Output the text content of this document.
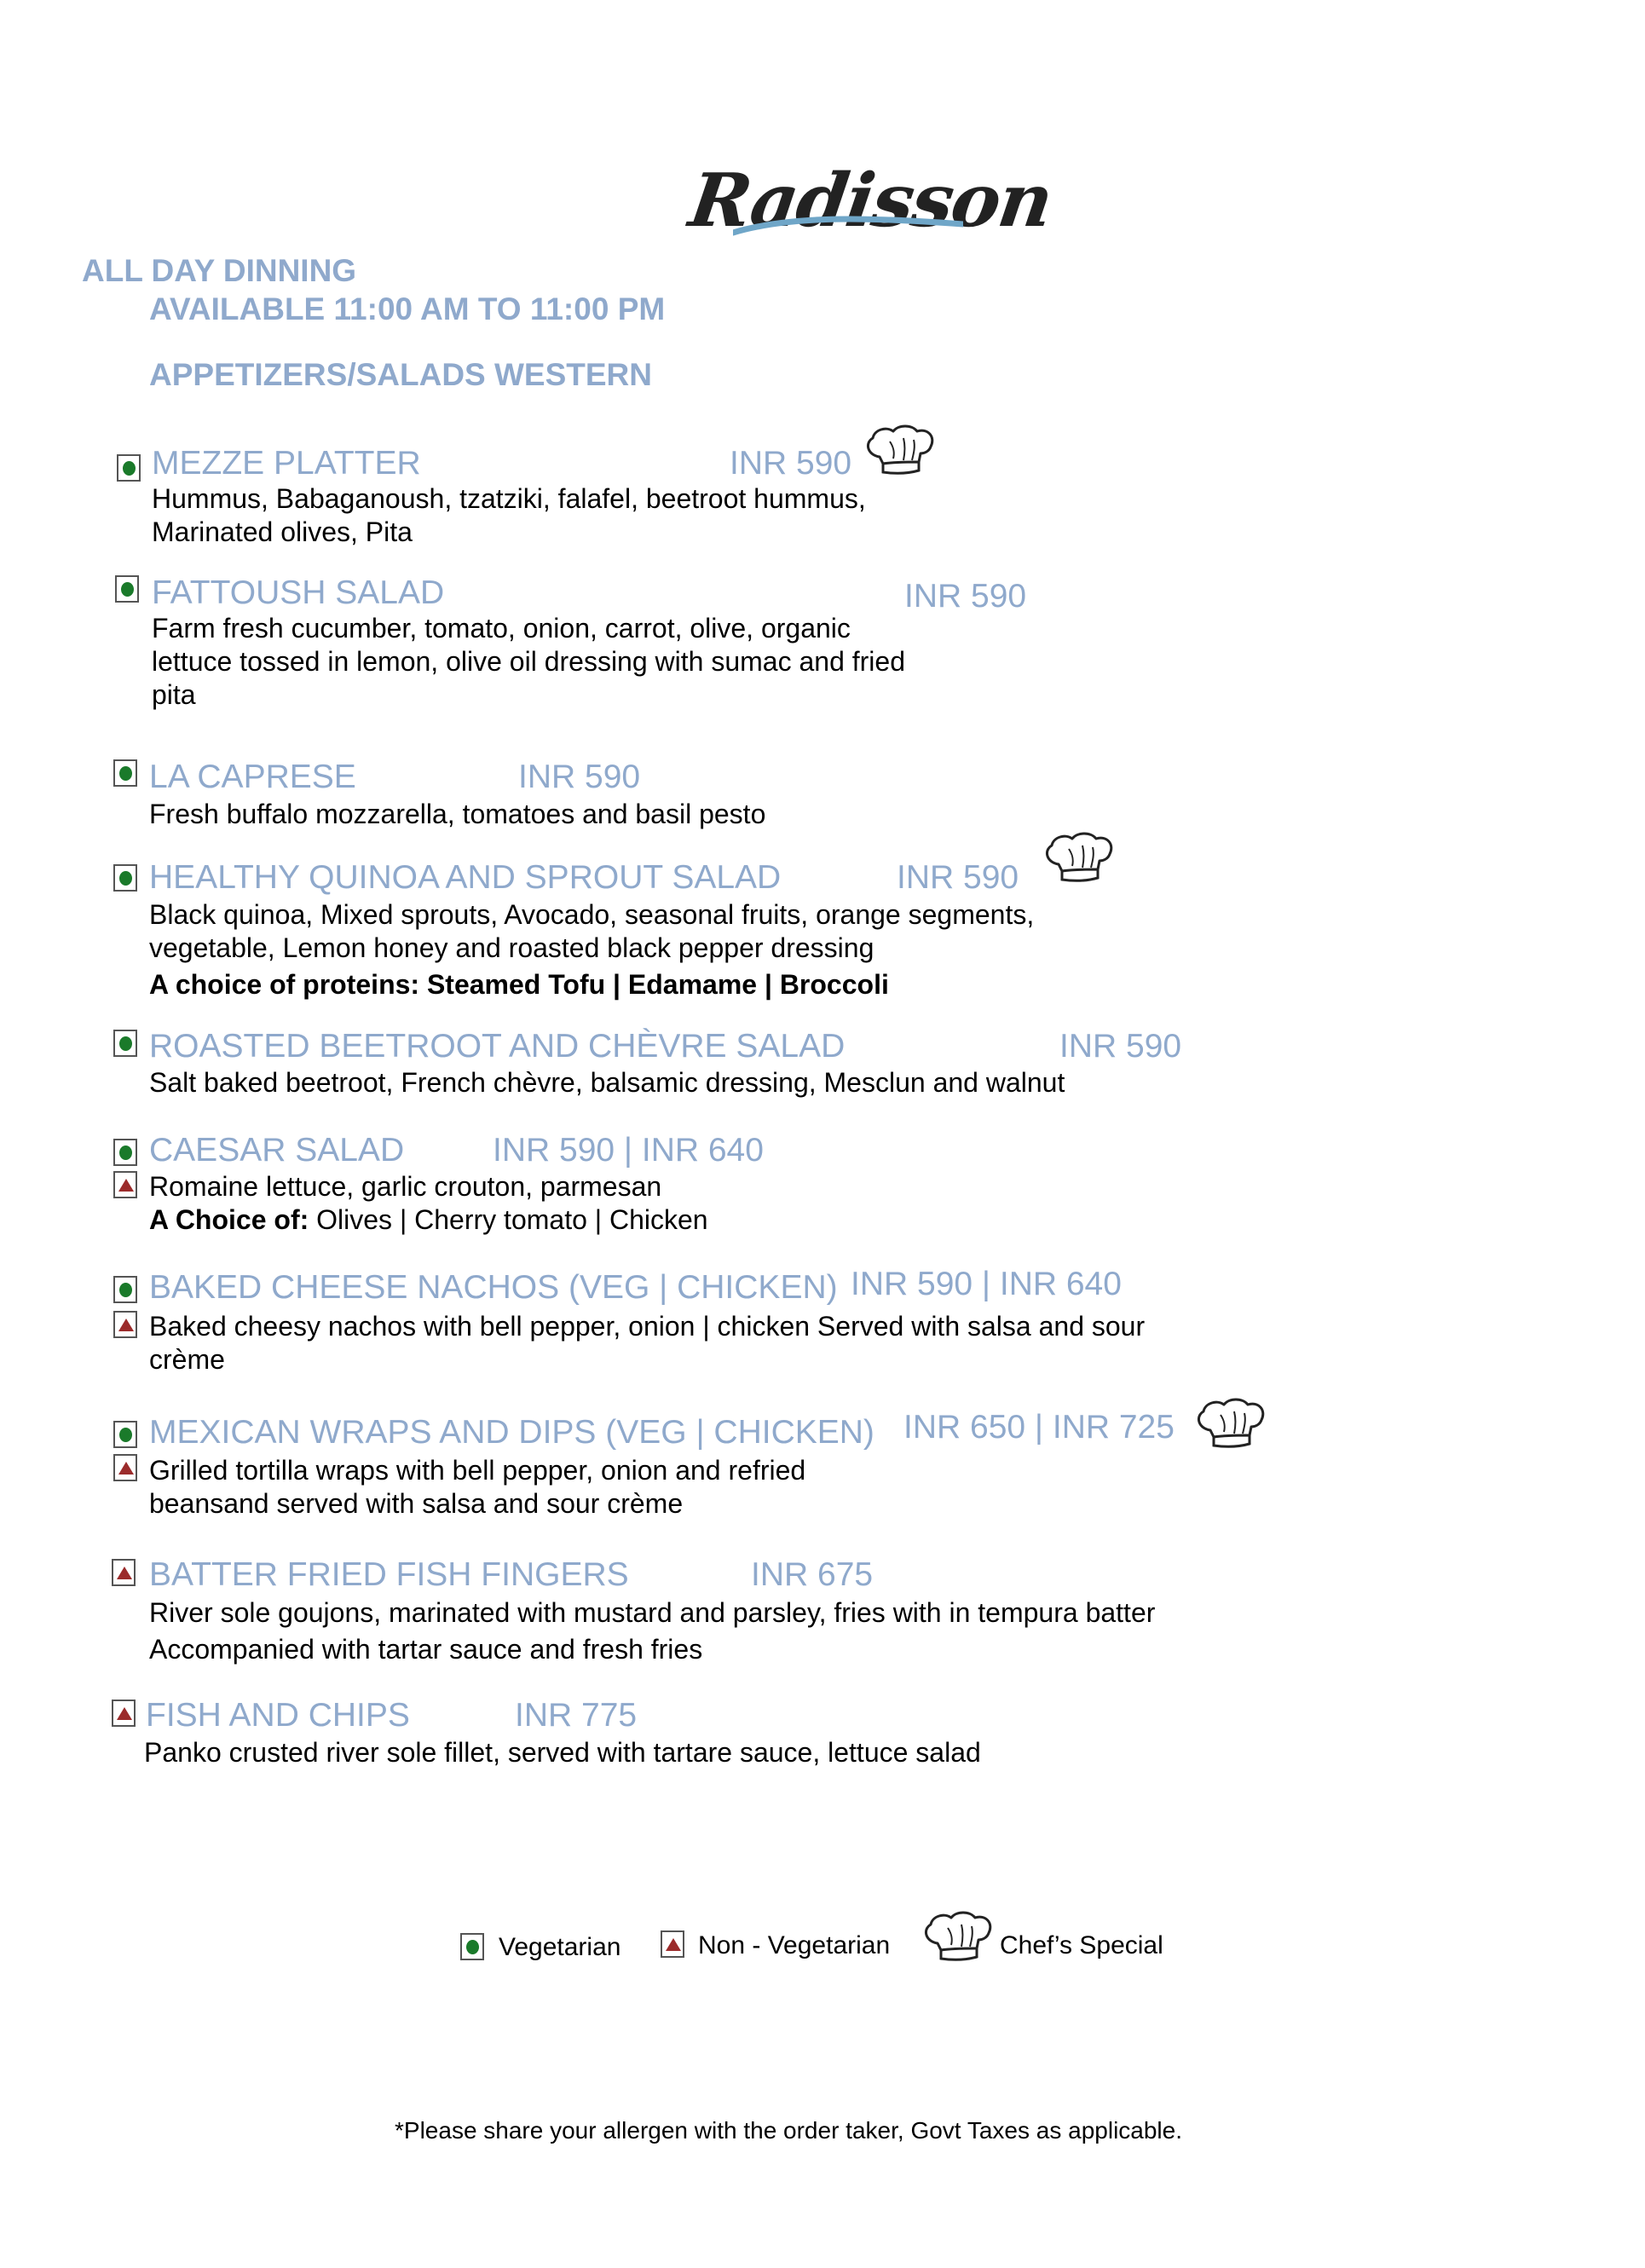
Radisson
ALL DAY DINNING
AVAILABLE 11:00 AM TO 11:00 PM
APPETIZERS/SALADS WESTERN
MEZZE PLATTER	INR 590
Hummus, Babaganoush, tzatziki, falafel, beetroot hummus,
Marinated olives, Pita
FATTOUSH SALAD	INR 590
Farm fresh cucumber, tomato, onion, carrot, olive, organic
lettuce tossed in lemon, olive oil dressing with sumac and fried
pita
LA CAPRESE	INR 590
Fresh buffalo mozzarella, tomatoes and basil pesto
HEALTHY QUINOA AND SPROUT SALAD	INR 590
Black quinoa, Mixed sprouts, Avocado, seasonal fruits, orange segments,
vegetable, Lemon honey and roasted black pepper dressing
A choice of proteins: Steamed Tofu | Edamame | Broccoli
ROASTED BEETROOT AND CHÈVRE SALAD	INR 590
Salt baked beetroot, French chèvre, balsamic dressing, Mesclun and walnut
CAESAR SALAD	INR 590 | INR 640
Romaine lettuce, garlic crouton, parmesan
A Choice of: Olives | Cherry tomato | Chicken
BAKED CHEESE NACHOS (VEG | CHICKEN) INR 590 | INR 640
Baked cheesy nachos with bell pepper, onion | chicken Served with salsa and sour
crème
MEXICAN WRAPS AND DIPS (VEG | CHICKEN) INR 650 | INR 725
Grilled tortilla wraps with bell pepper, onion and refried
beansand served with salsa and sour crème
BATTER FRIED FISH FINGERS	INR 675
River sole goujons, marinated with mustard and parsley, fries with in tempura batter
Accompanied with tartar sauce and fresh fries
FISH AND CHIPS	INR 775
Panko crusted river sole fillet, served with tartare sauce, lettuce salad
Vegetarian	Non - Vegetarian	Chef’s Special
*Please share your allergen with the order taker, Govt Taxes as applicable.
